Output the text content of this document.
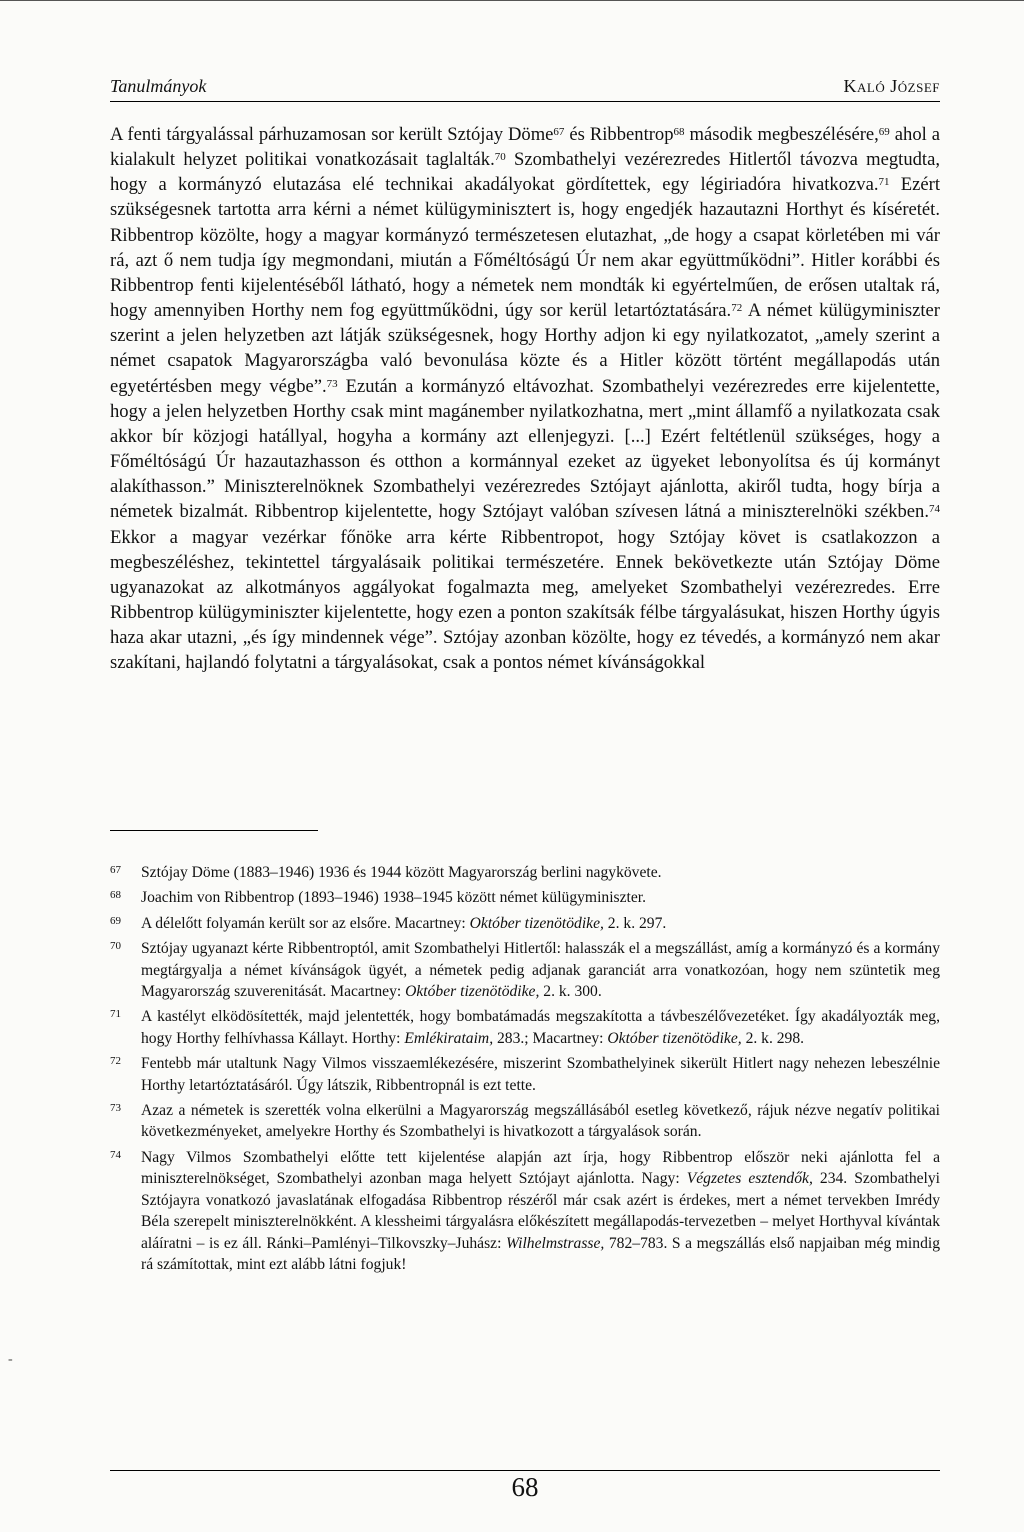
Tanulmányok	Kaló József

A fenti tárgyalással párhuzamosan sor került Sztójay Döme$^{67}$ és Ribbentrop$^{68}$ második megbeszélésére,$^{69}$ ahol a kialakult helyzet politikai vonatkozásait taglalták.$^{70}$ Szombathelyi vezérezredes Hitlertől távozva megtudta, hogy a kormányzó elutazása elé technikai akadályokat gördítettek, egy légiriadóra hivatkozva.$^{71}$ Ezért szükségesnek tartotta arra kérni a német külügyminisztert is, hogy engedjék hazautazni Horthyt és kíséretét. Ribbentrop közölte, hogy a magyar kormányzó természetesen elutazhat, „de hogy a csapat körletében mi vár rá, azt ő nem tudja így megmondani, miután a Főméltóságú Úr nem akar együttműködni”. Hitler korábbi és Ribbentrop fenti kijelentéséből látható, hogy a németek nem mondták ki egyértelműen, de erősen utaltak rá, hogy amennyiben Horthy nem fog együttműködni, úgy sor kerül letartóztatására.$^{72}$ A német külügyminiszter szerint a jelen helyzetben azt látják szükségesnek, hogy Horthy adjon ki egy nyilatkozatot, „amely szerint a német csapatok Magyarországba való bevonulása közte és a Hitler között történt megállapodás után egyetértésben megy végbe”.$^{73}$ Ezután a kormányzó eltávozhat. Szombathelyi vezérezredes erre kijelentette, hogy a jelen helyzetben Horthy csak mint magánember nyilatkozhatna, mert „mint államfő a nyilatkozata csak akkor bír közjogi hatállyal, hogyha a kormány azt ellenjegyzi. [...] Ezért feltétlenül szükséges, hogy a Főméltóságú Úr hazautazhasson és otthon a kormánnyal ezeket az ügyeket lebonyolítsa és új kormányt alakíthasson.” Miniszterelnöknek Szombathelyi vezérezredes Sztójayt ajánlotta, akiről tudta, hogy bírja a németek bizalmát. Ribbentrop kijelentette, hogy Sztójayt valóban szívesen látná a miniszterelnöki székben.$^{74}$ Ekkor a magyar vezérkar főnöke arra kérte Ribbentropot, hogy Sztójay követ is csatlakozzon a megbeszéléshez, tekintettel tárgyalásaik politikai természetére. Ennek bekövetkezte után Sztójay Döme ugyanazokat az alkotmányos aggályokat fogalmazta meg, amelyeket Szombathelyi vezérezredes. Erre Ribbentrop külügyminiszter kijelentette, hogy ezen a ponton szakítsák félbe tárgyalásukat, hiszen Horthy úgyis haza akar utazni, „és így mindennek vége”. Sztójay azonban közölte, hogy ez tévedés, a kormányzó nem akar szakítani, hajlandó folytatni a tárgyalásokat, csak a pontos német kívánságokkal

67	Sztójay Döme (1883–1946) 1936 és 1944 között Magyarország berlini nagykövete.
68	Joachim von Ribbentrop (1893–1946) 1938–1945 között német külügyminiszter.
69	A délelőtt folyamán került sor az elsőre. Macartney: Október tizenötödike, 2. k. 297.
70	Sztójay ugyanazt kérte Ribbentroptól, amit Szombathelyi Hitlertől: halasszák el a megszállást, amíg a kormányzó és a kormány megtárgyalja a német kívánságok ügyét, a németek pedig adjanak garanciát arra vonatkozóan, hogy nem szüntetik meg Magyarország szuverenitását. Macartney: Október tizenötödike, 2. k. 300.
71	A kastélyt elködösítették, majd jelentették, hogy bombatámadás megszakította a távbeszélővezetéket. Így akadályozták meg, hogy Horthy felhívhassa Kállayt. Horthy: Emlékirataim, 283.; Macartney: Október tizenötödike, 2. k. 298.
72	Fentebb már utaltunk Nagy Vilmos visszaemlékezésére, miszerint Szombathelyinek sikerült Hitlert nagy nehezen lebeszélnie Horthy letartóztatásáról. Úgy látszik, Ribbentropnál is ezt tette.
73	Azaz a németek is szerették volna elkerülni a Magyarország megszállásából esetleg következő, rájuk nézve negatív politikai következményeket, amelyekre Horthy és Szombathelyi is hivatkozott a tárgyalások során.
74	Nagy Vilmos Szombathelyi előtte tett kijelentése alapján azt írja, hogy Ribbentrop először neki ajánlotta fel a miniszterelnökséget, Szombathelyi azonban maga helyett Sztójayt ajánlotta. Nagy: Végzetes esztendők, 234. Szombathelyi Sztójayra vonatkozó javaslatának elfogadása Ribbentrop részéről már csak azért is érdekes, mert a német tervekben Imrédy Béla szerepelt miniszterelnökként. A klessheimi tárgyalásra előkészített megállapodás-tervezetben – melyet Horthyval kívántak aláíratni – is ez áll. Ránki–Pamlényi–Tilkovszky–Juhász: Wilhelmstrasse, 782–783. S a megszállás első napjaiban még mindig rá számítottak, mint ezt alább látni fogjuk!
-
68
